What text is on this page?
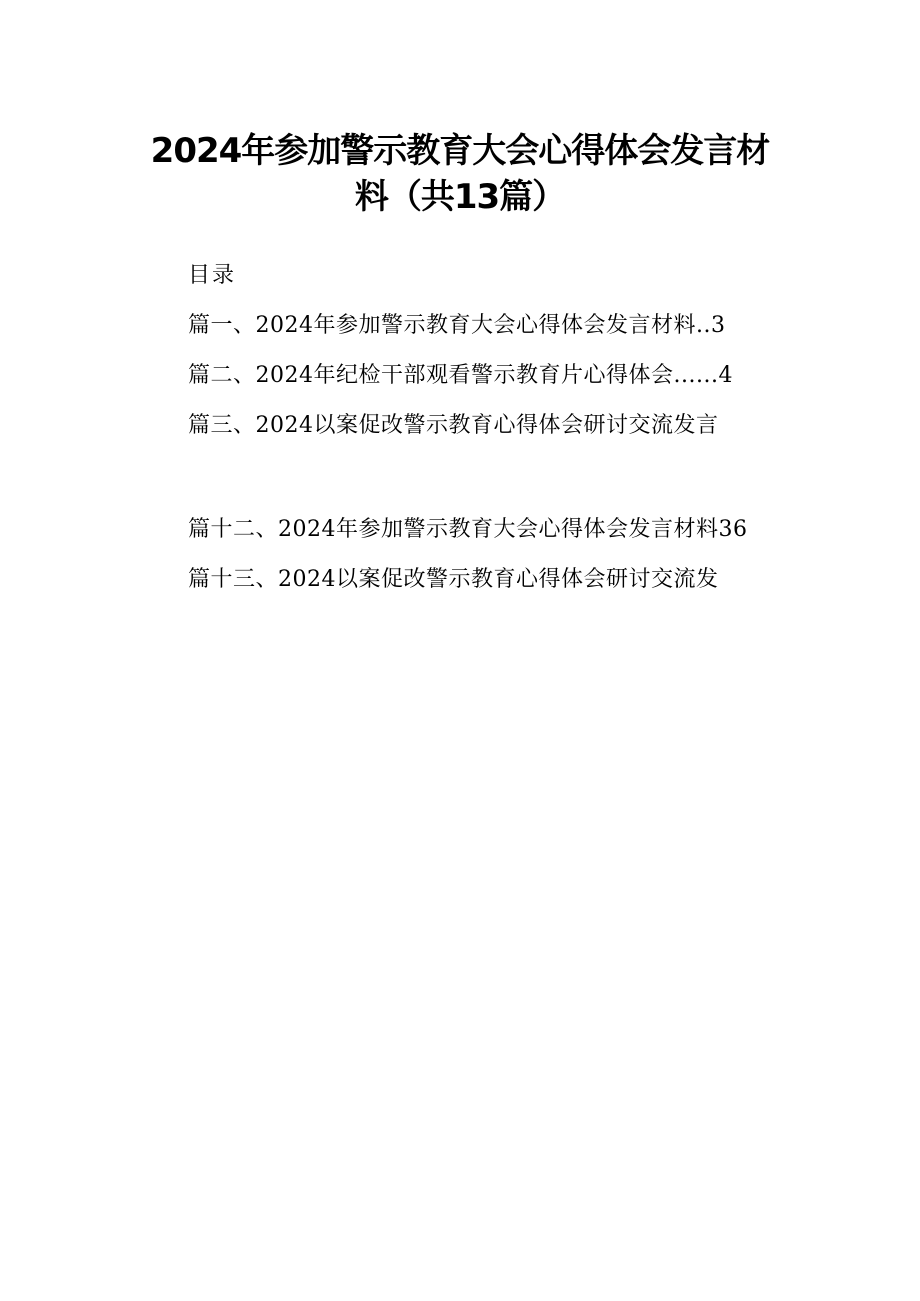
2024年参加警示教育大会心得体会发言材
料（共13篇）
目录
篇一、2024年参加警示教育大会心得体会发言材料..3
篇二、2024年纪检干部观看警示教育片心得体会......4
篇三、2024以案促改警示教育心得体会研讨交流发言
篇十二、2024年参加警示教育大会心得体会发言材料36
篇十三、2024以案促改警示教育心得体会研讨交流发
